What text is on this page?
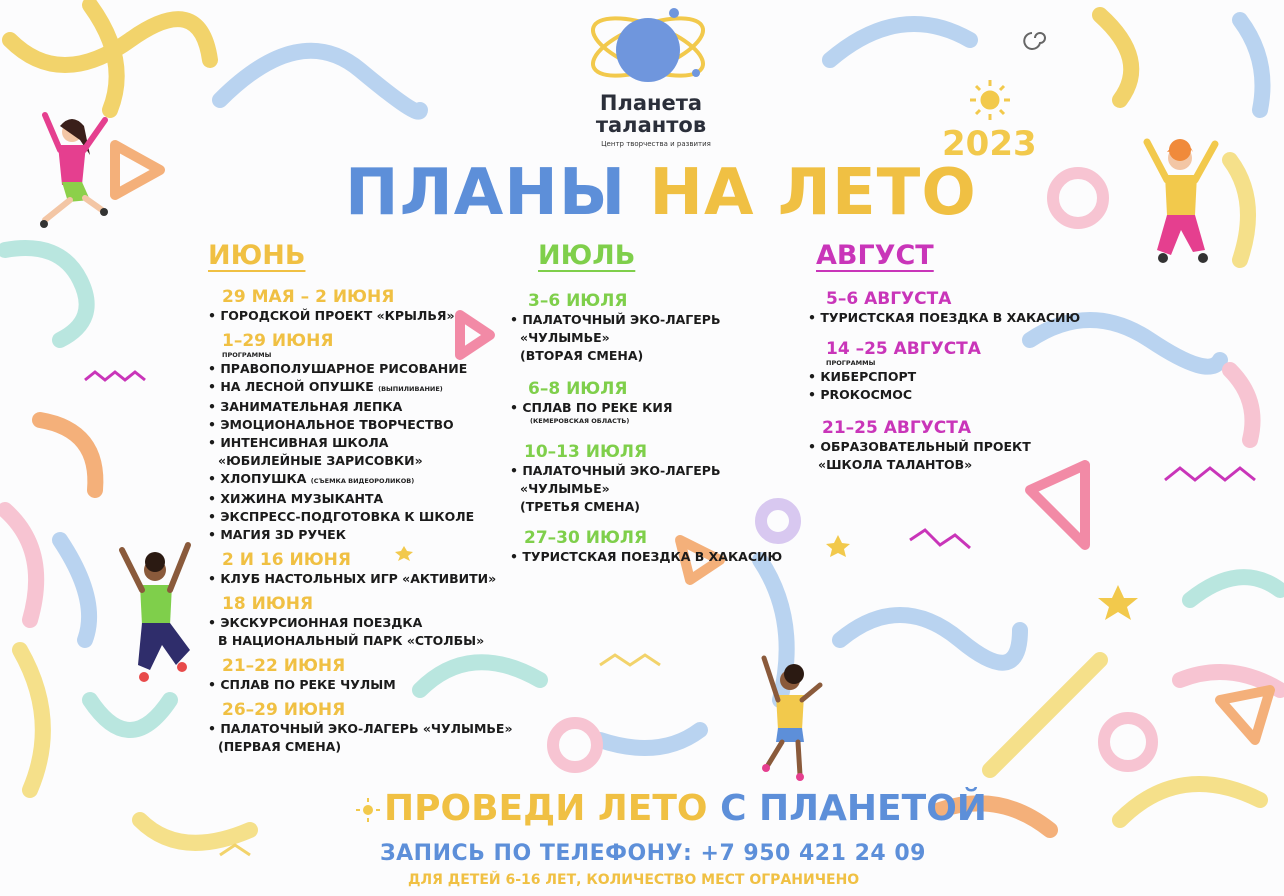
Планета
талантов
Центр творчества и развития
ПЛАНЫ НА ЛЕТО
2023
ИЮНЬ
29 МАЯ – 2 ИЮНЯ
• ГОРОДСКОЙ ПРОЕКТ «КРЫЛЬЯ»
1–29 ИЮНЯ
ПРОГРАММЫ
• ПРАВОПОЛУШАРНОЕ РИСОВАНИЕ
• НА ЛЕСНОЙ ОПУШКЕ (ВЫПИЛИВАНИЕ)
• ЗАНИМАТЕЛЬНАЯ ЛЕПКА
• ЭМОЦИОНАЛЬНОЕ ТВОРЧЕСТВО
• ИНТЕНСИВНАЯ ШКОЛА
«ЮБИЛЕЙНЫЕ ЗАРИСОВКИ»
• ХЛОПУШКА (СЪЕМКА ВИДЕОРОЛИКОВ)
• ХИЖИНА МУЗЫКАНТА
• ЭКСПРЕСС-ПОДГОТОВКА К ШКОЛЕ
• МАГИЯ 3D РУЧЕК
2 И 16 ИЮНЯ
• КЛУБ НАСТОЛЬНЫХ ИГР «АКТИВИТИ»
18 ИЮНЯ
• ЭКСКУРСИОННАЯ ПОЕЗДКА
В НАЦИОНАЛЬНЫЙ ПАРК «СТОЛБЫ»
21–22 ИЮНЯ
• СПЛАВ ПО РЕКЕ ЧУЛЫМ
26–29 ИЮНЯ
• ПАЛАТОЧНЫЙ ЭКО-ЛАГЕРЬ «ЧУЛЫМЬЕ»
(ПЕРВАЯ СМЕНА)
ИЮЛЬ
3–6 ИЮЛЯ
• ПАЛАТОЧНЫЙ ЭКО-ЛАГЕРЬ
«ЧУЛЫМЬЕ»
(ВТОРАЯ СМЕНА)
6–8 ИЮЛЯ
• СПЛАВ ПО РЕКЕ КИЯ
(КЕМЕРОВСКАЯ ОБЛАСТЬ)
10–13 ИЮЛЯ
• ПАЛАТОЧНЫЙ ЭКО-ЛАГЕРЬ
«ЧУЛЫМЬЕ»
(ТРЕТЬЯ СМЕНА)
27–30 ИЮЛЯ
• ТУРИСТСКАЯ ПОЕЗДКА В ХАКАСИЮ
АВГУСТ
5–6 АВГУСТА
• ТУРИСТСКАЯ ПОЕЗДКА В ХАКАСИЮ
14 –25 АВГУСТА
ПРОГРАММЫ
• КИБЕРСПОРТ
• PROКОСМОС
21–25 АВГУСТА
• ОБРАЗОВАТЕЛЬНЫЙ ПРОЕКТ
«ШКОЛА ТАЛАНТОВ»
ПРОВЕДИ ЛЕТО С ПЛАНЕТОЙ
ЗАПИСЬ ПО ТЕЛЕФОНУ: +7 950 421 24 09
ДЛЯ ДЕТЕЙ 6-16 ЛЕТ, КОЛИЧЕСТВО МЕСТ ОГРАНИЧЕНО
